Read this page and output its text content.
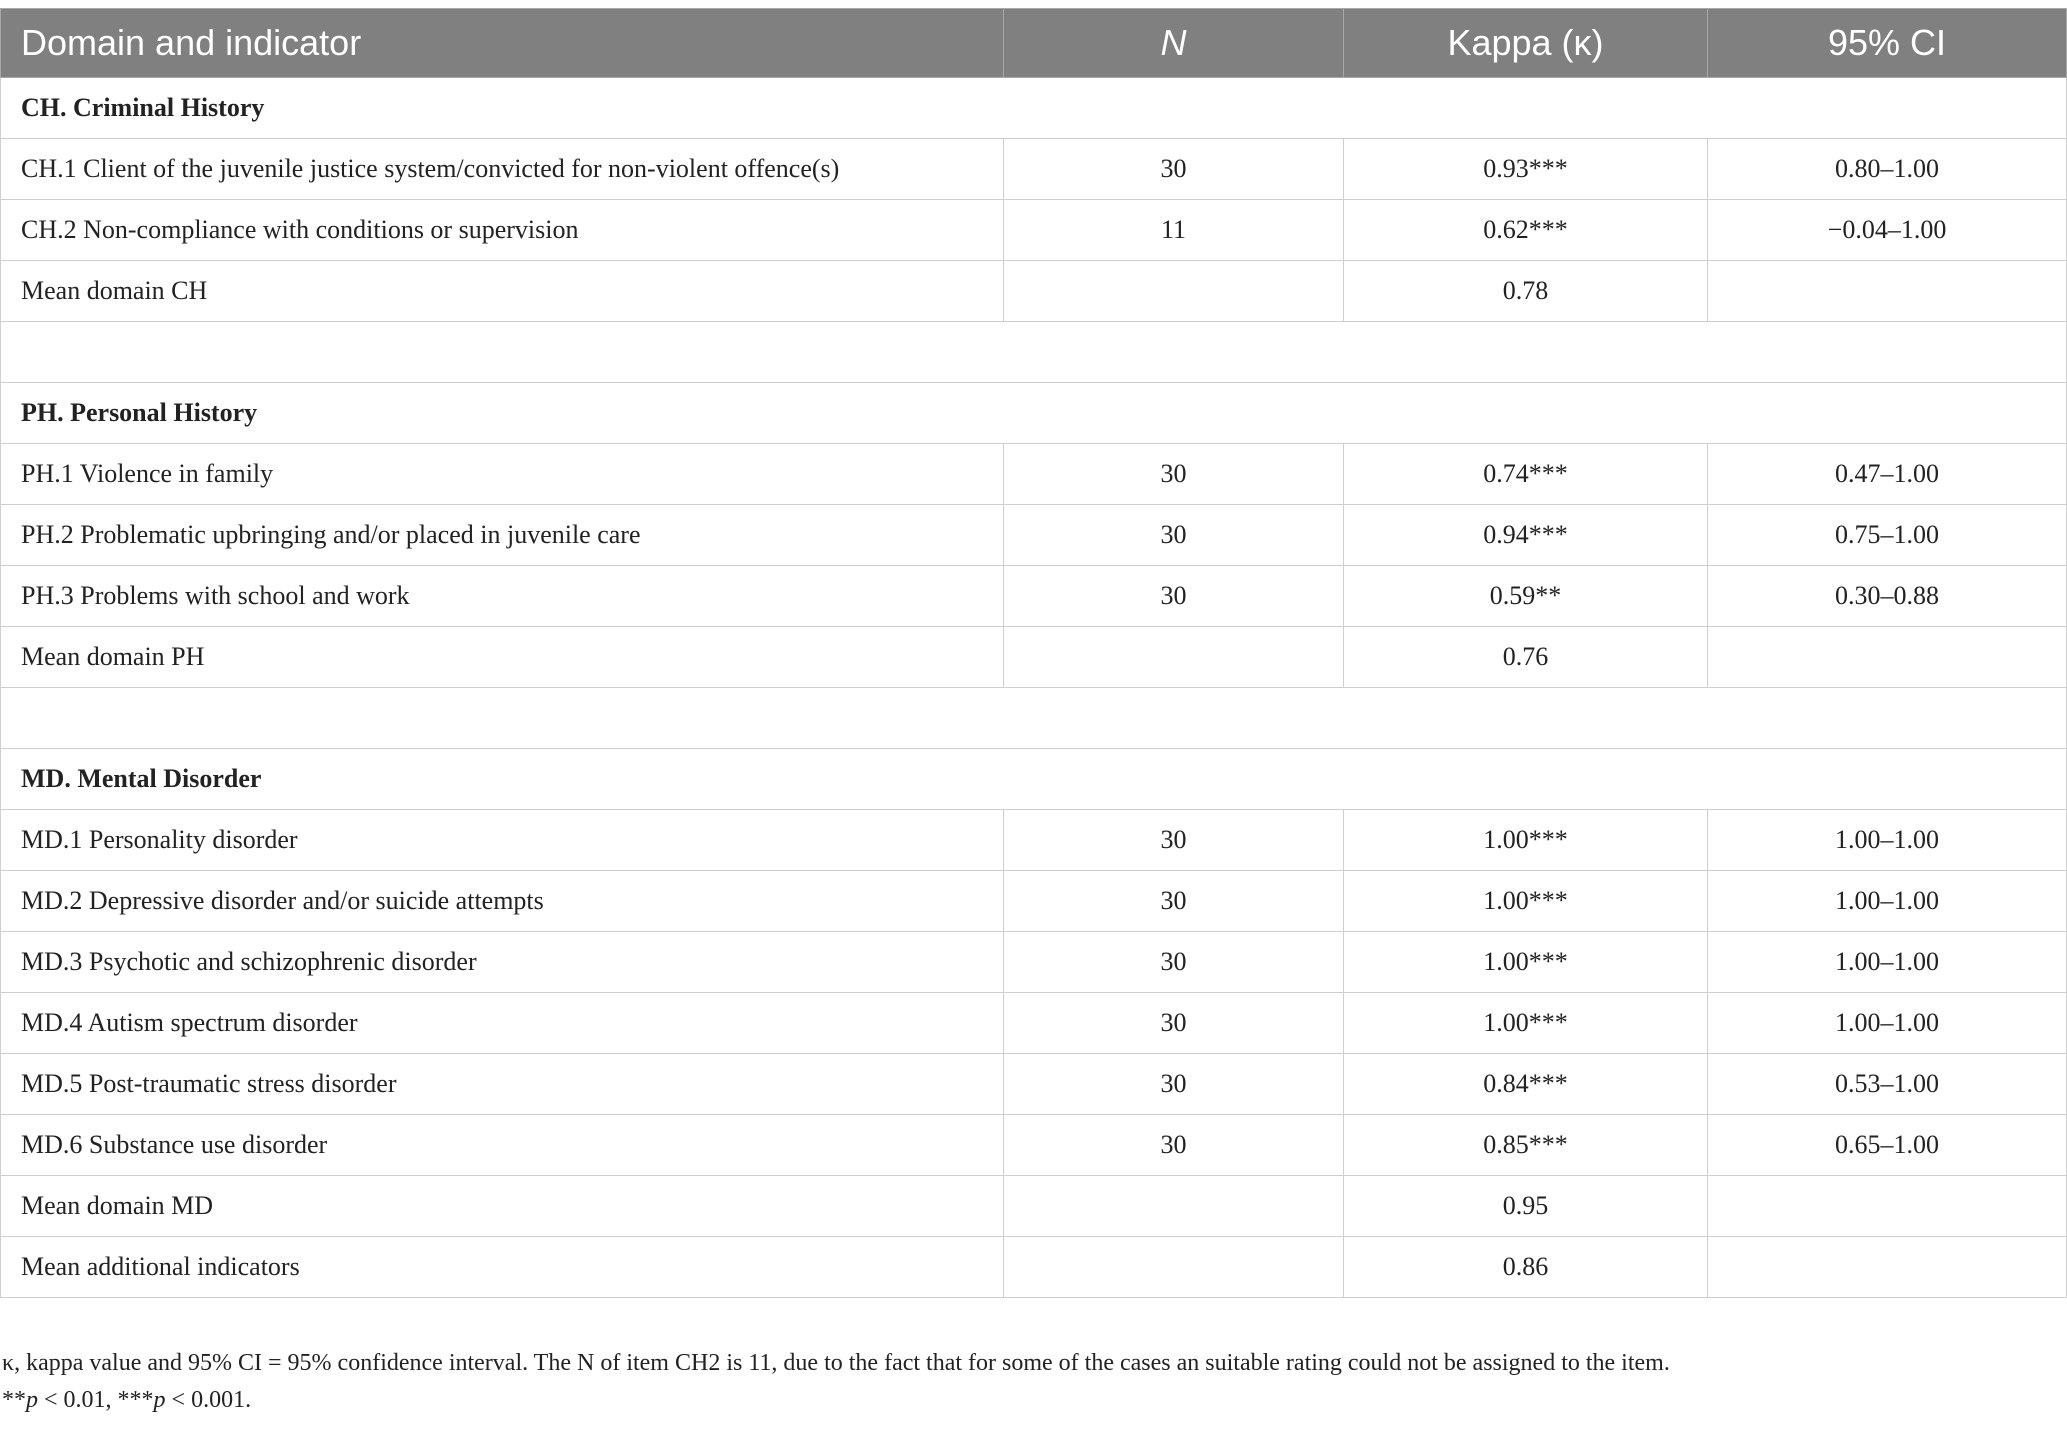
Domain and indicator	N	Kappa (κ)	95% CI
CH. Criminal History			
CH.1 Client of the juvenile justice system/convicted for non-violent offence(s)	30	0.93***	0.80–1.00
CH.2 Non-compliance with conditions or supervision	11	0.62***	−0.04–1.00
Mean domain CH		0.78	

PH. Personal History			
PH.1 Violence in family	30	0.74***	0.47–1.00
PH.2 Problematic upbringing and/or placed in juvenile care	30	0.94***	0.75–1.00
PH.3 Problems with school and work	30	0.59**	0.30–0.88
Mean domain PH		0.76	

MD. Mental Disorder			
MD.1 Personality disorder	30	1.00***	1.00–1.00
MD.2 Depressive disorder and/or suicide attempts	30	1.00***	1.00–1.00
MD.3 Psychotic and schizophrenic disorder	30	1.00***	1.00–1.00
MD.4 Autism spectrum disorder	30	1.00***	1.00–1.00
MD.5 Post-traumatic stress disorder	30	0.84***	0.53–1.00
MD.6 Substance use disorder	30	0.85***	0.65–1.00
Mean domain MD		0.95	
Mean additional indicators		0.86	

κ, kappa value and 95% CI = 95% confidence interval. The N of item CH2 is 11, due to the fact that for some of the cases an suitable rating could not be assigned to the item.

**p < 0.01, ***p < 0.001.
